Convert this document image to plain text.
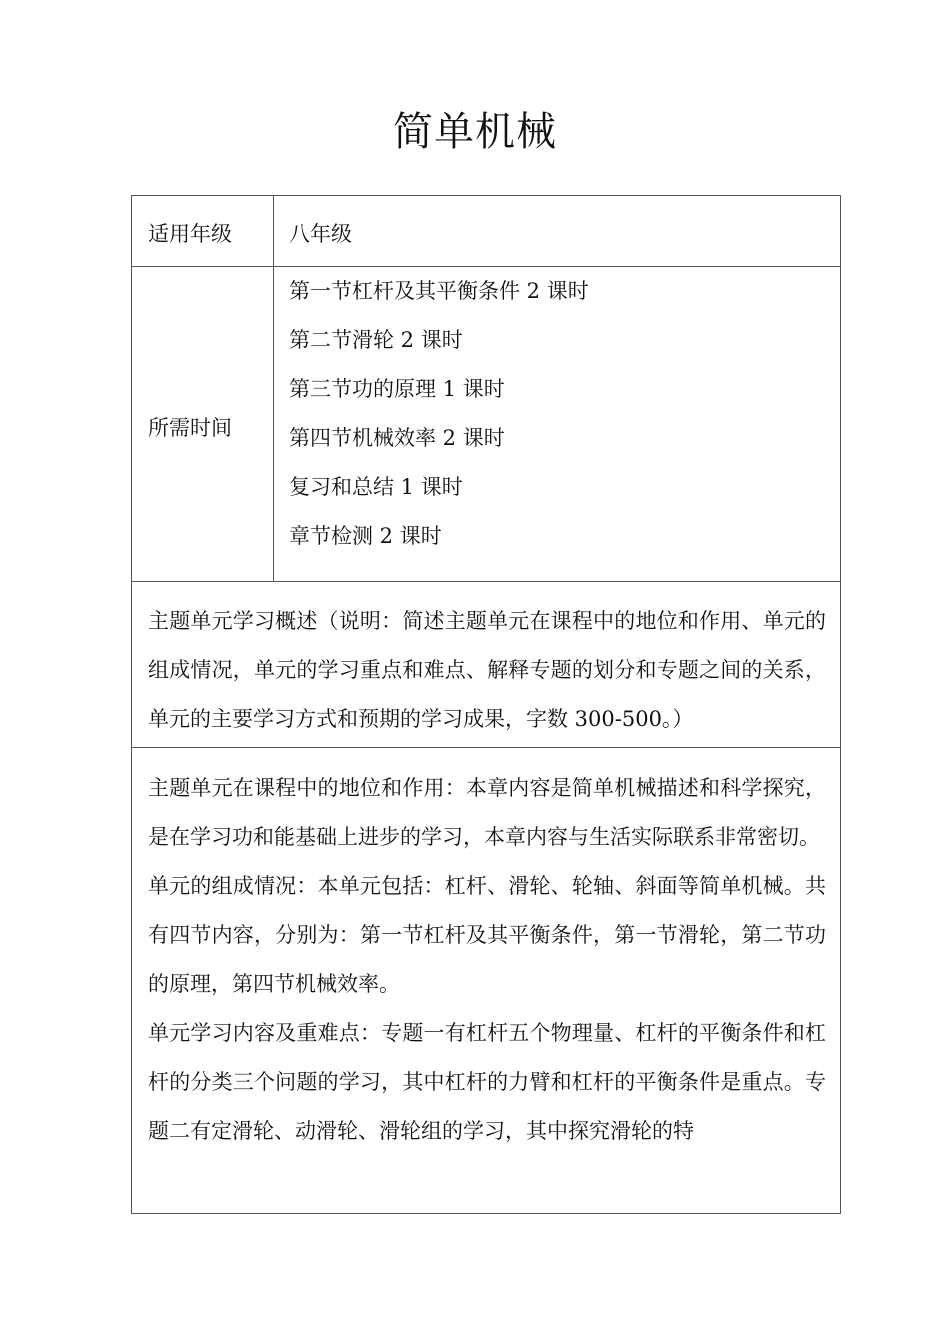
简单机械
适用年级	八年级
所需时间
第一节杠杆及其平衡条件 2 课时
第二节滑轮 2 课时
第三节功的原理 1 课时
第四节机械效率 2 课时
复习和总结 1 课时
章节检测 2 课时

主题单元学习概述（说明：简述主题单元在课程中的地位和作用、单元的组成情况，单元的学习重点和难点、解释专题的划分和专题之间的关系，单元的主要学习方式和预期的学习成果，字数 300-500。）

主题单元在课程中的地位和作用：本章内容是简单机械描述和科学探究，是在学习功和能基础上进步的学习，本章内容与生活实际联系非常密切。

单元的组成情况：本单元包括：杠杆、滑轮、轮轴、斜面等简单机械。共有四节内容，分别为：第一节杠杆及其平衡条件，第一节滑轮，第二节功的原理，第四节机械效率。

单元学习内容及重难点：专题一有杠杆五个物理量、杠杆的平衡条件和杠杆的分类三个问题的学习，其中杠杆的力臂和杠杆的平衡条件是重点。专题二有定滑轮、动滑轮、滑轮组的学习，其中探究滑轮的特
